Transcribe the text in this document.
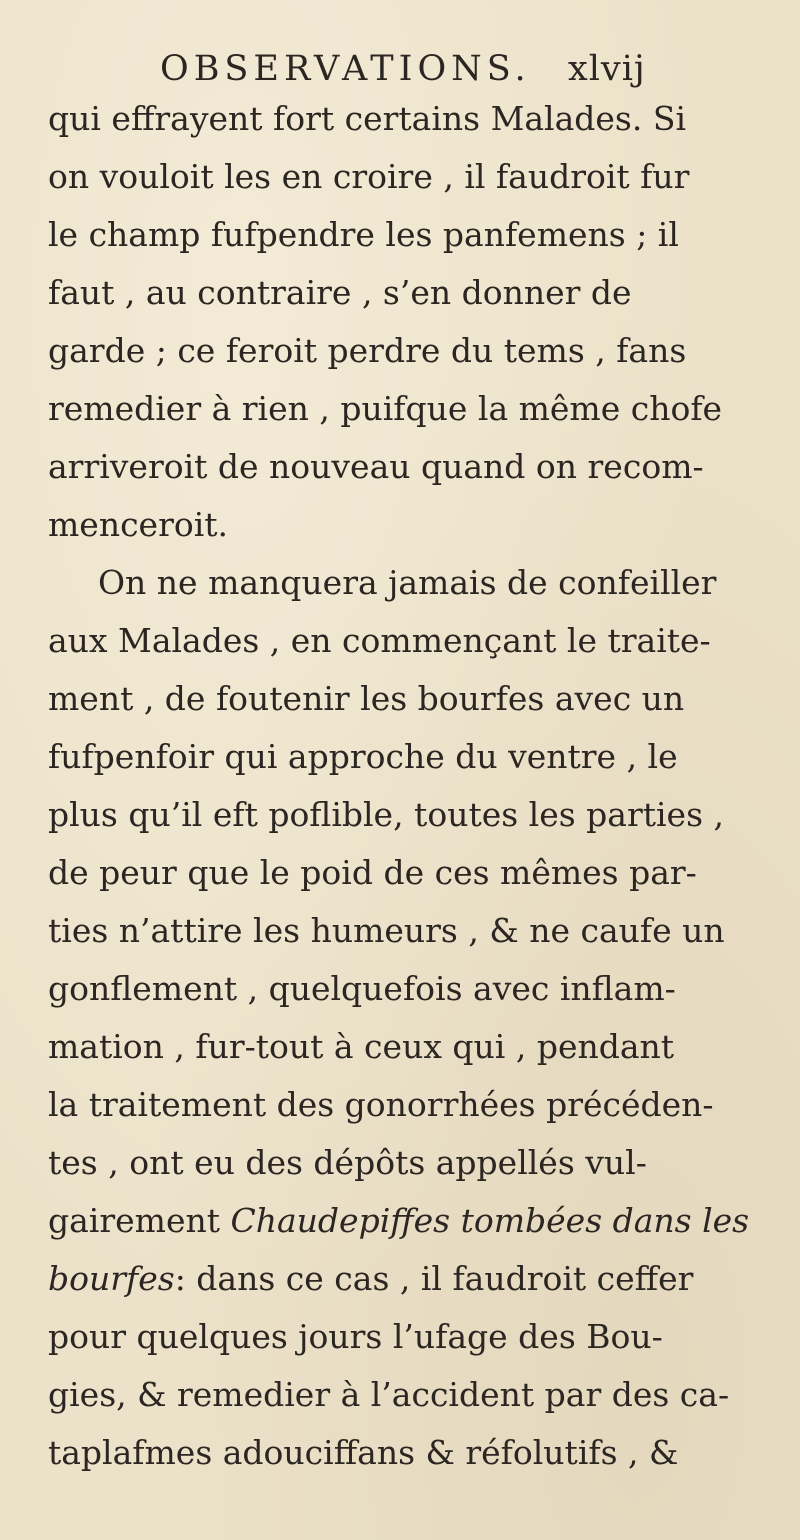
OBSERVATIONS. xlvij
qui effrayent fort certains Malades. Si
on vouloit les en croire , il faudroit fur
le champ fufpendre les panfemens ; il
faut , au contraire , s’en donner de
garde ; ce feroit perdre du tems , fans
remedier à rien , puifque la même chofe
arriveroit de nouveau quand on recom-
menceroit.
On ne manquera jamais de confeiller
aux Malades , en commençant le traite-
ment , de foutenir les bourfes avec un
fufpenfoir qui approche du ventre , le
plus qu’il eft poflible, toutes les parties ,
de peur que le poid de ces mêmes par-
ties n’attire les humeurs , & ne caufe un
gonflement , quelquefois avec inflam-
mation , fur-tout à ceux qui , pendant
la traitement des gonorrhées précéden-
tes , ont eu des dépôts appellés vul-
gairement Chaudepiffes tombées dans les
bourfes: dans ce cas , il faudroit ceffer
pour quelques jours l’ufage des Bou-
gies, & remedier à l’accident par des ca-
taplafmes adouciffans & réfolutifs , &
